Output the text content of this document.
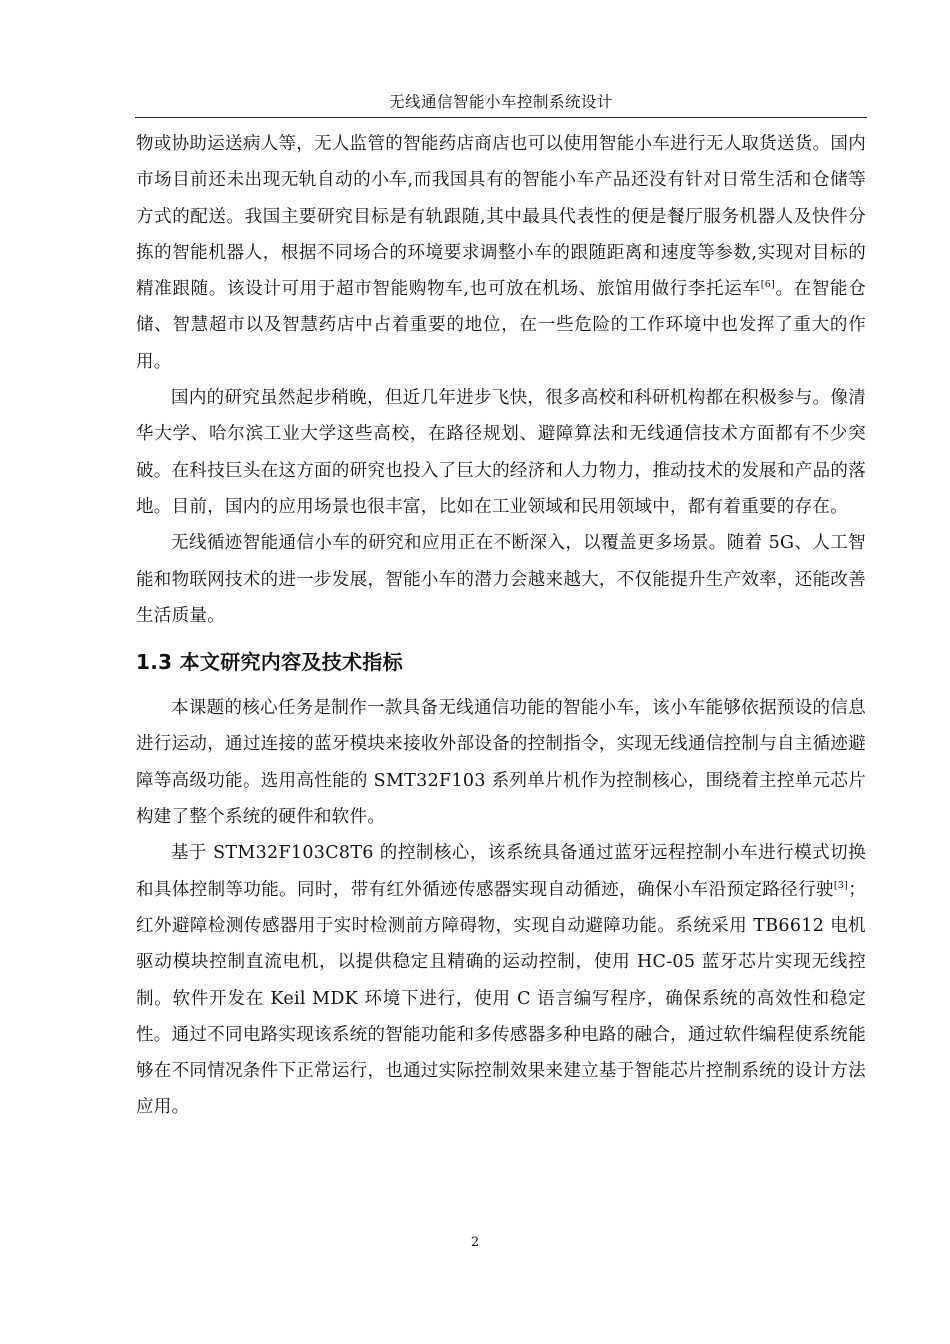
无线通信智能小车控制系统设计

物或协助运送病人等，无人监管的智能药店商店也可以使用智能小车进行无人取货送货。国内市场目前还未出现无轨自动的小车,而我国具有的智能小车产品还没有针对日常生活和仓储等方式的配送。我国主要研究目标是有轨跟随,其中最具代表性的便是餐厅服务机器人及快件分拣的智能机器人，根据不同场合的环境要求调整小车的跟随距离和速度等参数,实现对目标的精准跟随。该设计可用于超市智能购物车,也可放在机场、旅馆用做行李托运车[6]。在智能仓储、智慧超市以及智慧药店中占着重要的地位，在一些危险的工作环境中也发挥了重大的作用。

国内的研究虽然起步稍晚，但近几年进步飞快，很多高校和科研机构都在积极参与。像清华大学、哈尔滨工业大学这些高校，在路径规划、避障算法和无线通信技术方面都有不少突破。在科技巨头在这方面的研究也投入了巨大的经济和人力物力，推动技术的发展和产品的落地。目前，国内的应用场景也很丰富，比如在工业领域和民用领域中，都有着重要的存在。

无线循迹智能通信小车的研究和应用正在不断深入，以覆盖更多场景。随着 5G、人工智能和物联网技术的进一步发展，智能小车的潜力会越来越大，不仅能提升生产效率，还能改善生活质量。

1.3 本文研究内容及技术指标

本课题的核心任务是制作一款具备无线通信功能的智能小车，该小车能够依据预设的信息进行运动，通过连接的蓝牙模块来接收外部设备的控制指令，实现无线通信控制与自主循迹避障等高级功能。选用高性能的 SMT32F103 系列单片机作为控制核心，围绕着主控单元芯片构建了整个系统的硬件和软件。

基于 STM32F103C8T6 的控制核心，该系统具备通过蓝牙远程控制小车进行模式切换和具体控制等功能。同时，带有红外循迹传感器实现自动循迹，确保小车沿预定路径行驶[3]；红外避障检测传感器用于实时检测前方障碍物，实现自动避障功能。系统采用 TB6612 电机驱动模块控制直流电机，以提供稳定且精确的运动控制，使用 HC-05 蓝牙芯片实现无线控制。软件开发在 Keil MDK 环境下进行，使用 C 语言编写程序，确保系统的高效性和稳定性。通过不同电路实现该系统的智能功能和多传感器多种电路的融合，通过软件编程使系统能够在不同情况条件下正常运行，也通过实际控制效果来建立基于智能芯片控制系统的设计方法应用。

2
